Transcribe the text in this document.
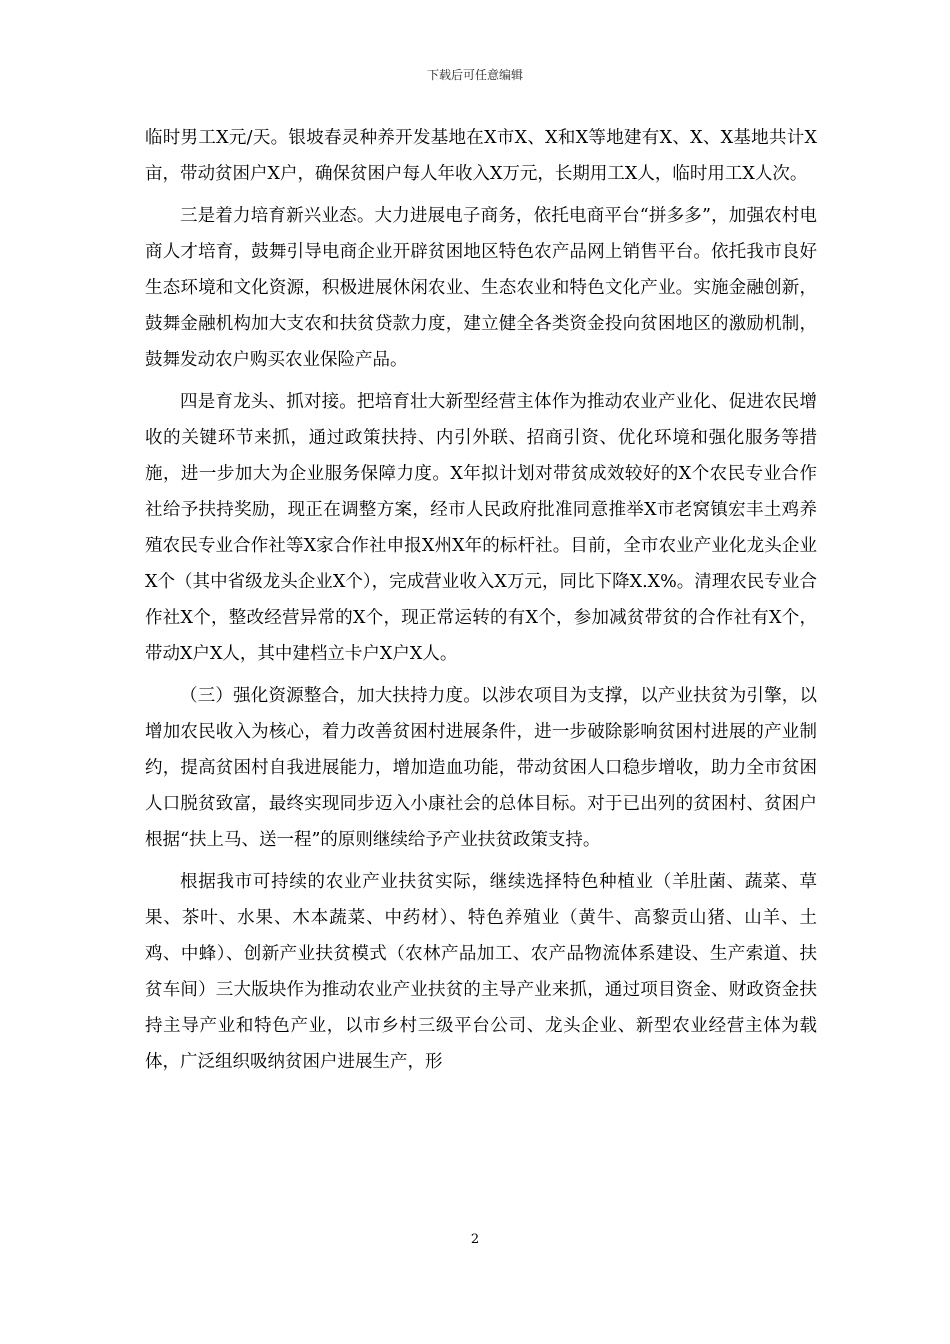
下载后可任意编辑

临时男工X元/天。银坡春灵种养开发基地在X市X、X和X等地建有X、X、X基地共计X亩，带动贫困户X户，确保贫困户每人年收入X万元，长期用工X人，临时用工X人次。

三是着力培育新兴业态。大力进展电子商务，依托电商平台“拼多多”，加强农村电商人才培育，鼓舞引导电商企业开辟贫困地区特色农产品网上销售平台。依托我市良好生态环境和文化资源，积极进展休闲农业、生态农业和特色文化产业。实施金融创新，鼓舞金融机构加大支农和扶贫贷款力度，建立健全各类资金投向贫困地区的激励机制，鼓舞发动农户购买农业保险产品。

四是育龙头、抓对接。把培育壮大新型经营主体作为推动农业产业化、促进农民增收的关键环节来抓，通过政策扶持、内引外联、招商引资、优化环境和强化服务等措施，进一步加大为企业服务保障力度。X年拟计划对带贫成效较好的X个农民专业合作社给予扶持奖励，现正在调整方案，经市人民政府批准同意推举X市老窝镇宏丰土鸡养殖农民专业合作社等X家合作社申报X州X年的标杆社。目前，全市农业产业化龙头企业X个（其中省级龙头企业X个），完成营业收入X万元，同比下降X.X%。清理农民专业合作社X个，整改经营异常的X个，现正常运转的有X个，参加减贫带贫的合作社有X个，带动X户X人，其中建档立卡户X户X人。

（三）强化资源整合，加大扶持力度。以涉农项目为支撑，以产业扶贫为引擎，以增加农民收入为核心，着力改善贫困村进展条件，进一步破除影响贫困村进展的产业制约，提高贫困村自我进展能力，增加造血功能，带动贫困人口稳步增收，助力全市贫困人口脱贫致富，最终实现同步迈入小康社会的总体目标。对于已出列的贫困村、贫困户根据“扶上马、送一程”的原则继续给予产业扶贫政策支持。

根据我市可持续的农业产业扶贫实际，继续选择特色种植业（羊肚菌、蔬菜、草果、茶叶、水果、木本蔬菜、中药材）、特色养殖业（黄牛、高黎贡山猪、山羊、土鸡、中蜂）、创新产业扶贫模式（农林产品加工、农产品物流体系建设、生产索道、扶贫车间）三大版块作为推动农业产业扶贫的主导产业来抓，通过项目资金、财政资金扶持主导产业和特色产业，以市乡村三级平台公司、龙头企业、新型农业经营主体为载体，广泛组织吸纳贫困户进展生产，形

2
